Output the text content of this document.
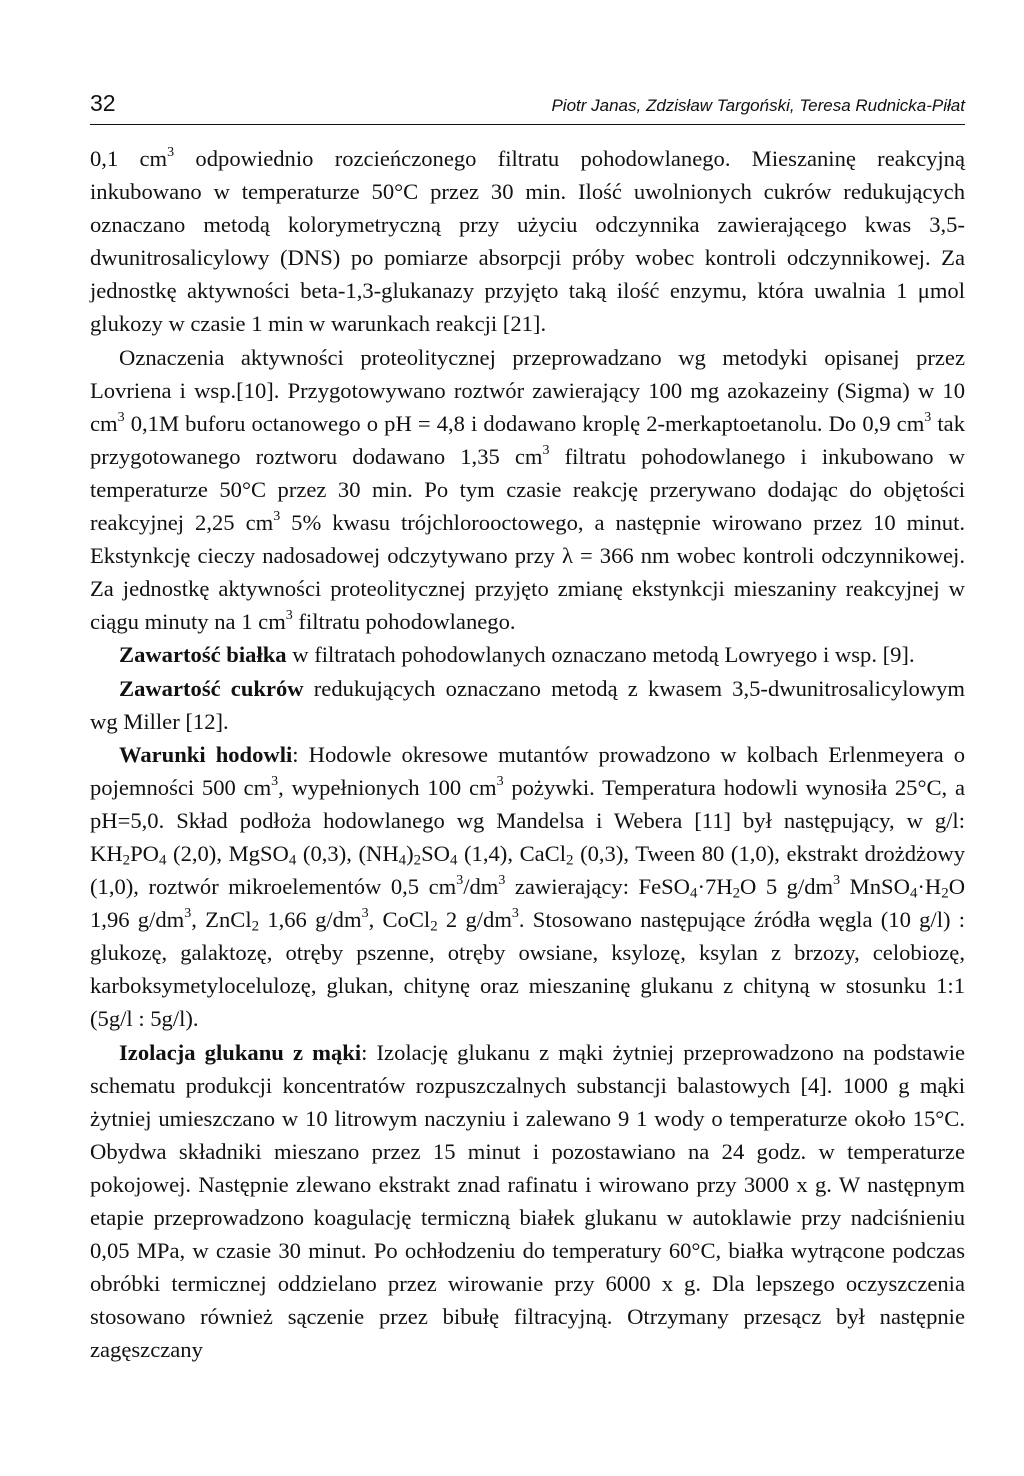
32	Piotr Janas, Zdzisław Targoński, Teresa Rudnicka-Piłat

0,1 $cm^3$ odpowiednio rozcieńczonego filtratu pohodowlanego. Mieszaninę reakcyjną inkubowano w temperaturze 50°C przez 30 min. Ilość uwolnionych cukrów redukujących oznaczano metodą kolorymetryczną przy użyciu odczynnika zawierającego kwas 3,5-dwunitrosalicylowy (DNS) po pomiarze absorpcji próby wobec kontroli odczynnikowej. Za jednostkę aktywności beta-1,3-glukanazy przyjęto taką ilość enzymu, która uwalnia 1 μmol glukozy w czasie 1 min w warunkach reakcji [21].

Oznaczenia aktywności proteolitycznej przeprowadzano wg metodyki opisanej przez Lovriena i wsp.[10]. Przygotowywano roztwór zawierający 100 mg azokazeiny (Sigma) w 10 $cm^3$ 0,1M buforu octanowego o pH = 4,8 i dodawano kroplę 2-merkaptoetanolu. Do 0,9 $cm^3$ tak przygotowanego roztworu dodawano 1,35 $cm^3$ filtratu pohodowlanego i inkubowano w temperaturze 50°C przez 30 min. Po tym czasie reakcję przerywano dodając do objętości reakcyjnej 2,25 $cm^3$ 5% kwasu trójchlorooctowego, a następnie wirowano przez 10 minut. Ekstynkcję cieczy nadosadowej odczytywano przy λ = 366 nm wobec kontroli odczynnikowej. Za jednostkę aktywności proteolitycznej przyjęto zmianę ekstynkcji mieszaniny reakcyjnej w ciągu minuty na 1 $cm^3$ filtratu pohodowlanego.

Zawartość białka w filtratach pohodowlanych oznaczano metodą Lowryego i wsp. [9].

Zawartość cukrów redukujących oznaczano metodą z kwasem 3,5-dwunitrosalicylowym wg Miller [12].

Warunki hodowli: Hodowle okresowe mutantów prowadzono w kolbach Erlenmeyera o pojemności 500 $cm^3$, wypełnionych 100 $cm^3$ pożywki. Temperatura hodowli wynosiła 25°C, a pH=5,0. Skład podłoża hodowlanego wg Mandelsa i Webera [11] był następujący, w g/l: $KH_2PO_4$ (2,0), MgSO$_4$ (0,3), $(NH_4)_2SO_4$ (1,4), CaCl$_2$ (0,3), Tween 80 (1,0), ekstrakt drożdżowy (1,0), roztwór mikroelementów 0,5 $cm^3/dm^3$ zawierający: $FeSO_4\cdot 7H_2O$ 5 $g/dm^3$ $MnSO_4\cdot H_2O$ 1,96 $g/dm^3$, ZnCl$_2$ 1,66 $g/dm^3$, CoCl$_2$ 2 $g/dm^3$. Stosowano następujące źródła węgla (10 g/l) : glukozę, galaktozę, otręby pszenne, otręby owsiane, ksylozę, ksylan z brzozy, celobiozę, karboksymetylocelulozę, glukan, chitynę oraz mieszaninę glukanu z chityną w stosunku 1:1 (5g/l : 5g/l).

Izolacja glukanu z mąki: Izolację glukanu z mąki żytniej przeprowadzono na podstawie schematu produkcji koncentratów rozpuszczalnych substancji balastowych [4]. 1000 g mąki żytniej umieszczano w 10 litrowym naczyniu i zalewano 9 1 wody o temperaturze około 15°C. Obydwa składniki mieszano przez 15 minut i pozostawiano na 24 godz. w temperaturze pokojowej. Następnie zlewano ekstrakt znad rafinatu i wirowano przy 3000 x g. W następnym etapie przeprowadzono koagulację termiczną białek glukanu w autoklawie przy nadciśnieniu 0,05 MPa, w czasie 30 minut. Po ochłodzeniu do temperatury 60°C, białka wytrącone podczas obróbki termicznej oddzielano przez wirowanie przy 6000 x g. Dla lepszego oczyszczenia stosowano również sączenie przez bibułę filtracyjną. Otrzymany przesącz był następnie zagęszczany
